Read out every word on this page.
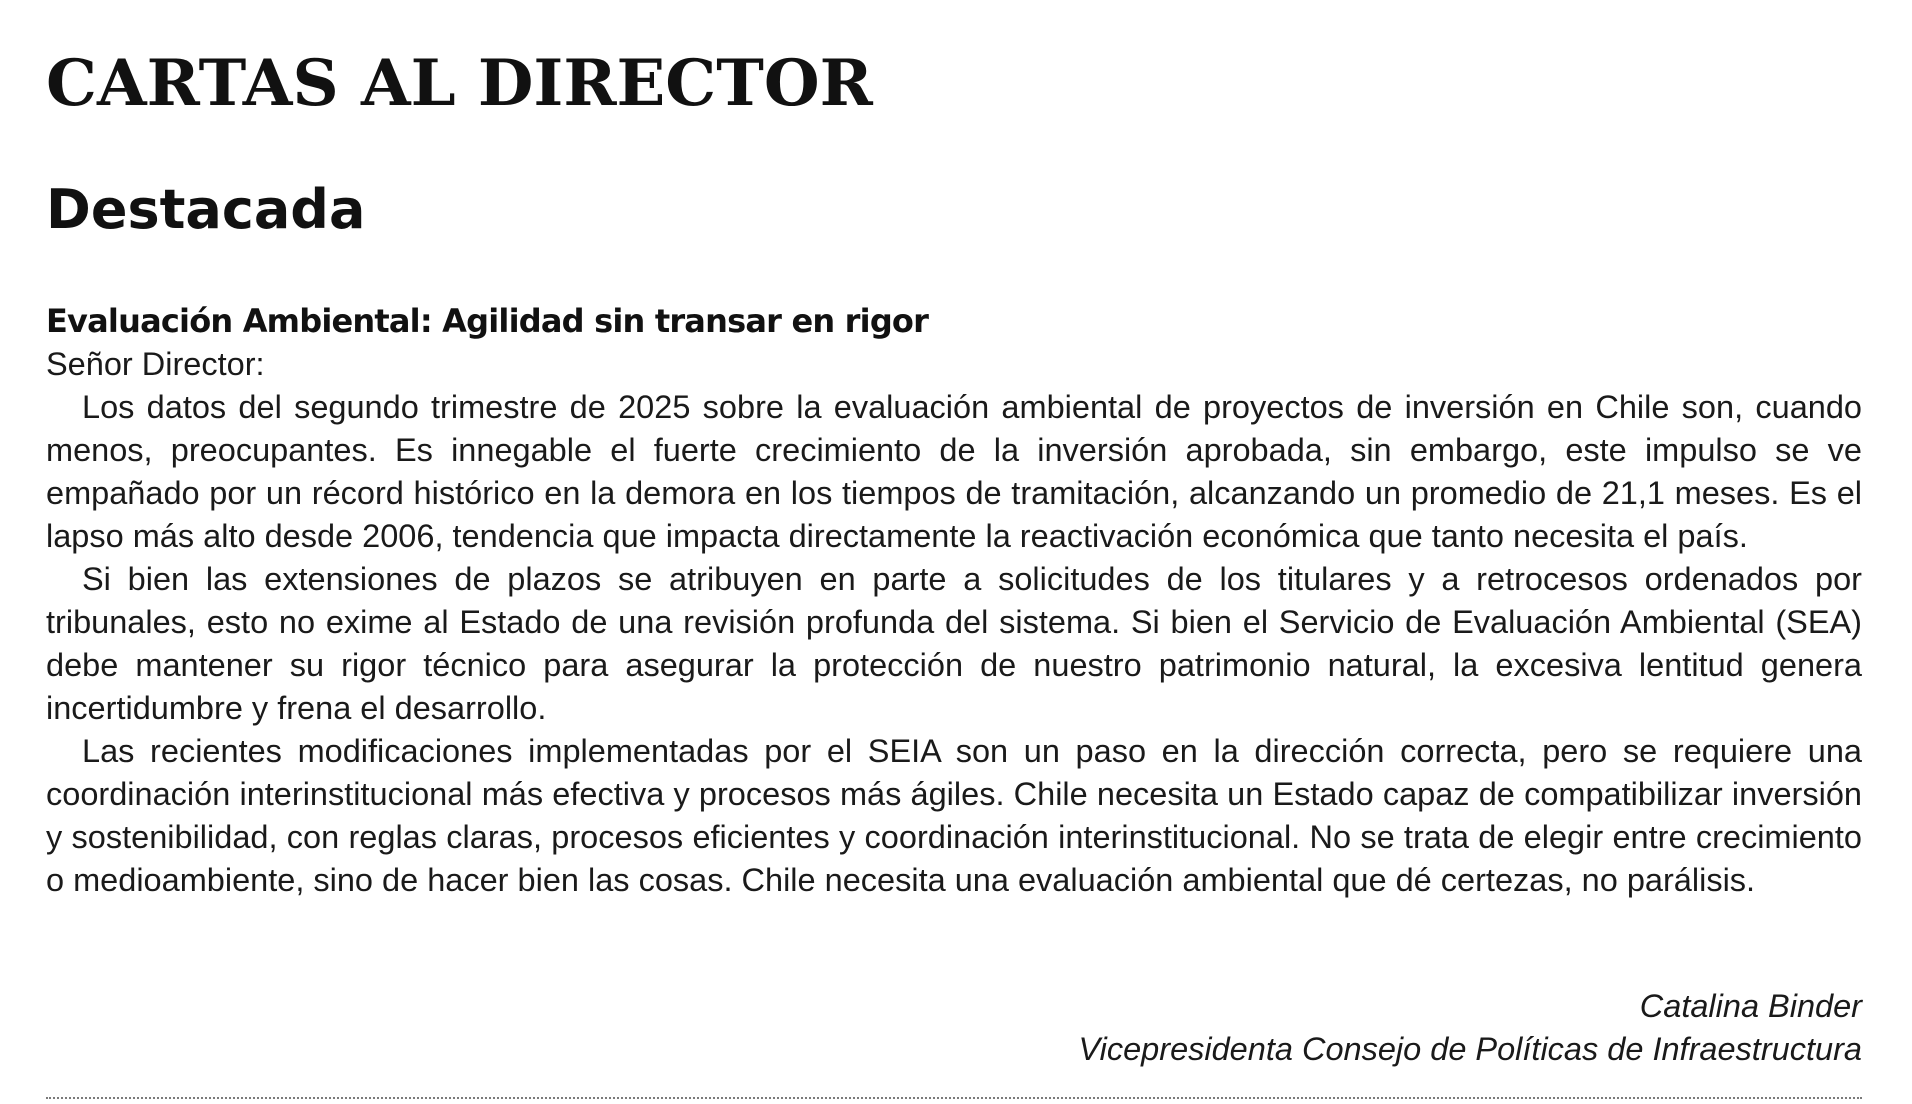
CARTAS AL DIRECTOR
Destacada
Evaluación Ambiental: Agilidad sin transar en rigor

Señor Director:

Los datos del segundo trimestre de 2025 sobre la evaluación ambiental de proyectos de inversión en Chile son, cuando menos, preocupantes. Es innegable el fuerte crecimiento de la inversión aprobada, sin embargo, este impulso se ve empañado por un récord histórico en la demora en los tiempos de tramitación, alcanzando un promedio de 21,1 meses. Es el lapso más alto desde 2006, tendencia que impacta directamente la reactivación económica que tanto necesita el país.

Si bien las extensiones de plazos se atribuyen en parte a solicitudes de los titulares y a retrocesos ordenados por tribunales, esto no exime al Estado de una revisión profunda del sistema. Si bien el Servicio de Evaluación Ambiental (SEA) debe mantener su rigor técnico para asegurar la protección de nuestro patrimonio natural, la excesiva lentitud genera incertidumbre y frena el desarrollo.

Las recientes modificaciones implementadas por el SEIA son un paso en la dirección correcta, pero se requiere una coordinación interinstitucional más efectiva y procesos más ágiles. Chile necesita un Estado capaz de compatibilizar inversión y sostenibilidad, con reglas claras, procesos eficientes y coordinación interinstitucional. No se trata de elegir entre crecimiento o medioambiente, sino de hacer bien las cosas. Chile necesita una evaluación ambiental que dé certezas, no parálisis.

Catalina Binder
Vicepresidenta Consejo de Políticas de Infraestructura
